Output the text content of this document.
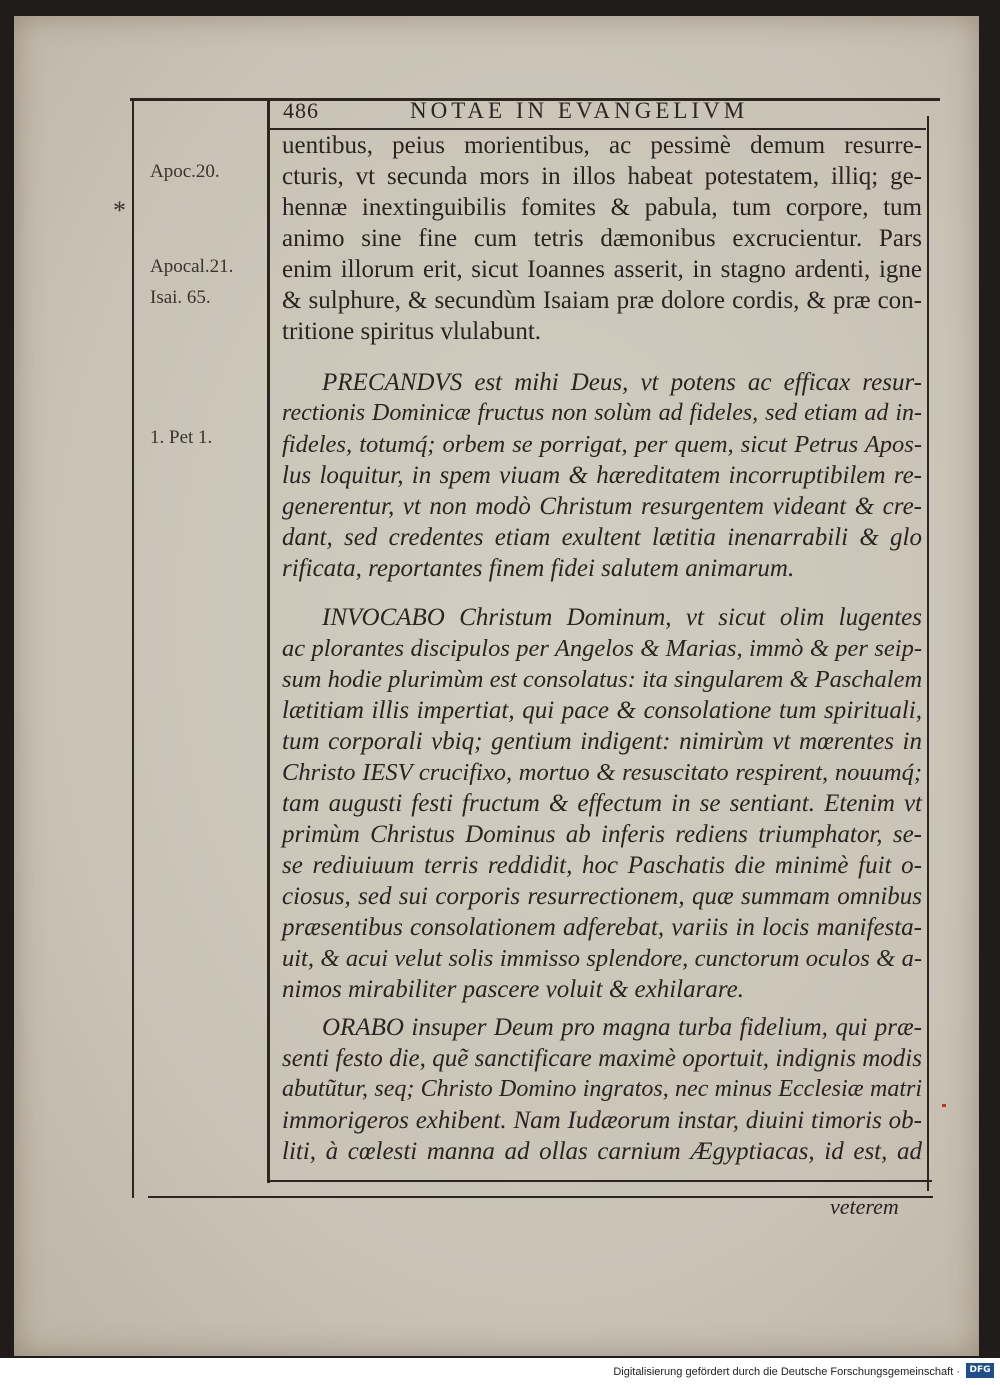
486	NOTAE IN EVANGELIVM
Apoc.20.
*
Apocal.21.
Isai. 65.
1. Pet 1.
uentibus, peius morientibus, ac pessimè demum resurre-
cturis, vt secunda mors in illos habeat potestatem, illiq; ge-
hennæ inextinguibilis fomites & pabula, tum corpore, tum
animo sine fine cum tetris dæmonibus excrucientur. Pars
enim illorum erit, sicut Ioannes asserit, in stagno ardenti, igne
& sulphure, & secundùm Isaiam præ dolore cordis, & præ con-
tritione spiritus vlulabunt.
PRECANDVS est mihi Deus, vt potens ac efficax resur-
rectionis Dominicæ fructus non solùm ad fideles, sed etiam ad in-
fideles, totumq́; orbem se porrigat, per quem, sicut Petrus Apos-
lus loquitur, in spem viuam & hæreditatem incorruptibilem re-
generentur, vt non modò Christum resurgentem videant & cre-
dant, sed credentes etiam exultent lætitia inenarrabili & glo
rificata, reportantes finem fidei salutem animarum.
INVOCABO Christum Dominum, vt sicut olim lugentes
ac plorantes discipulos per Angelos & Marias, immò & per seip-
sum hodie plurimùm est consolatus: ita singularem & Paschalem
lætitiam illis impertiat, qui pace & consolatione tum spirituali,
tum corporali vbiq; gentium indigent: nimirùm vt mœrentes in
Christo IESV crucifixo, mortuo & resuscitato respirent, nouumq́;
tam augusti festi fructum & effectum in se sentiant. Etenim vt
primùm Christus Dominus ab inferis rediens triumphator, se-
se rediuiuum terris reddidit, hoc Paschatis die minimè fuit o-
ciosus, sed sui corporis resurrectionem, quæ summam omnibus
præsentibus consolationem adferebat, variis in locis manifesta-
uit, & acui velut solis immisso splendore, cunctorum oculos & a-
nimos mirabiliter pascere voluit & exhilarare.
ORABO insuper Deum pro magna turba fidelium, qui præ-
senti festo die, quẽ sanctificare maximè oportuit, indignis modis
abutũtur, seq; Christo Domino ingratos, nec minus Ecclesiæ matri
immorigeros exhibent. Nam Iudæorum instar, diuini timoris ob-
liti, à cœlesti manna ad ollas carnium Ægyptiacas, id est, ad
veterem
Digitalisierung gefördert durch die Deutsche Forschungsgemeinschaft ·	DFG
